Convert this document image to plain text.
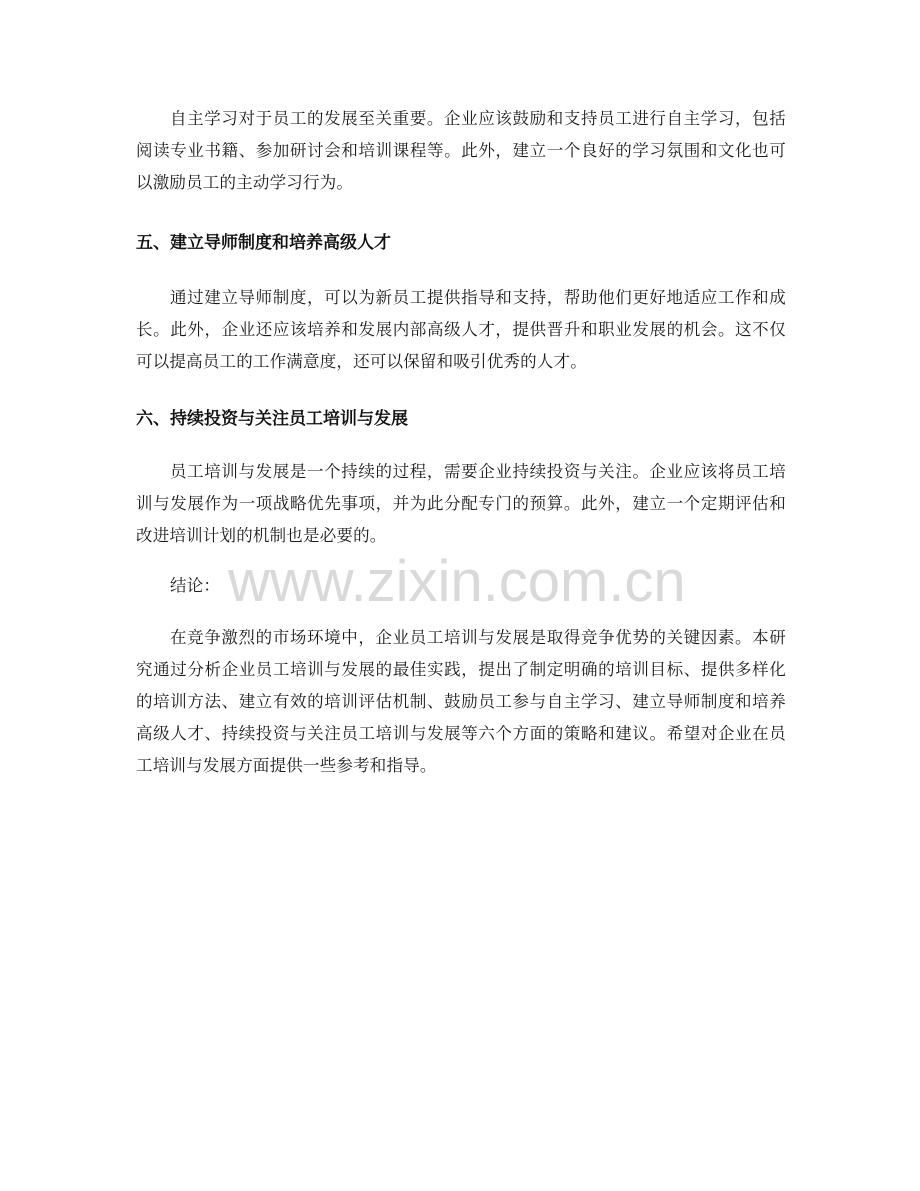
自主学习对于员工的发展至关重要。企业应该鼓励和支持员工进行自主学习，包括阅读专业书籍、参加研讨会和培训课程等。此外，建立一个良好的学习氛围和文化也可以激励员工的主动学习行为。

五、建立导师制度和培养高级人才

通过建立导师制度，可以为新员工提供指导和支持，帮助他们更好地适应工作和成长。此外，企业还应该培养和发展内部高级人才，提供晋升和职业发展的机会。这不仅可以提高员工的工作满意度，还可以保留和吸引优秀的人才。

六、持续投资与关注员工培训与发展

员工培训与发展是一个持续的过程，需要企业持续投资与关注。企业应该将员工培训与发展作为一项战略优先事项，并为此分配专门的预算。此外，建立一个定期评估和改进培训计划的机制也是必要的。

结论：

在竞争激烈的市场环境中，企业员工培训与发展是取得竞争优势的关键因素。本研究通过分析企业员工培训与发展的最佳实践，提出了制定明确的培训目标、提供多样化的培训方法、建立有效的培训评估机制、鼓励员工参与自主学习、建立导师制度和培养高级人才、持续投资与关注员工培训与发展等六个方面的策略和建议。希望对企业在员工培训与发展方面提供一些参考和指导。

www.zixin.com.cn
